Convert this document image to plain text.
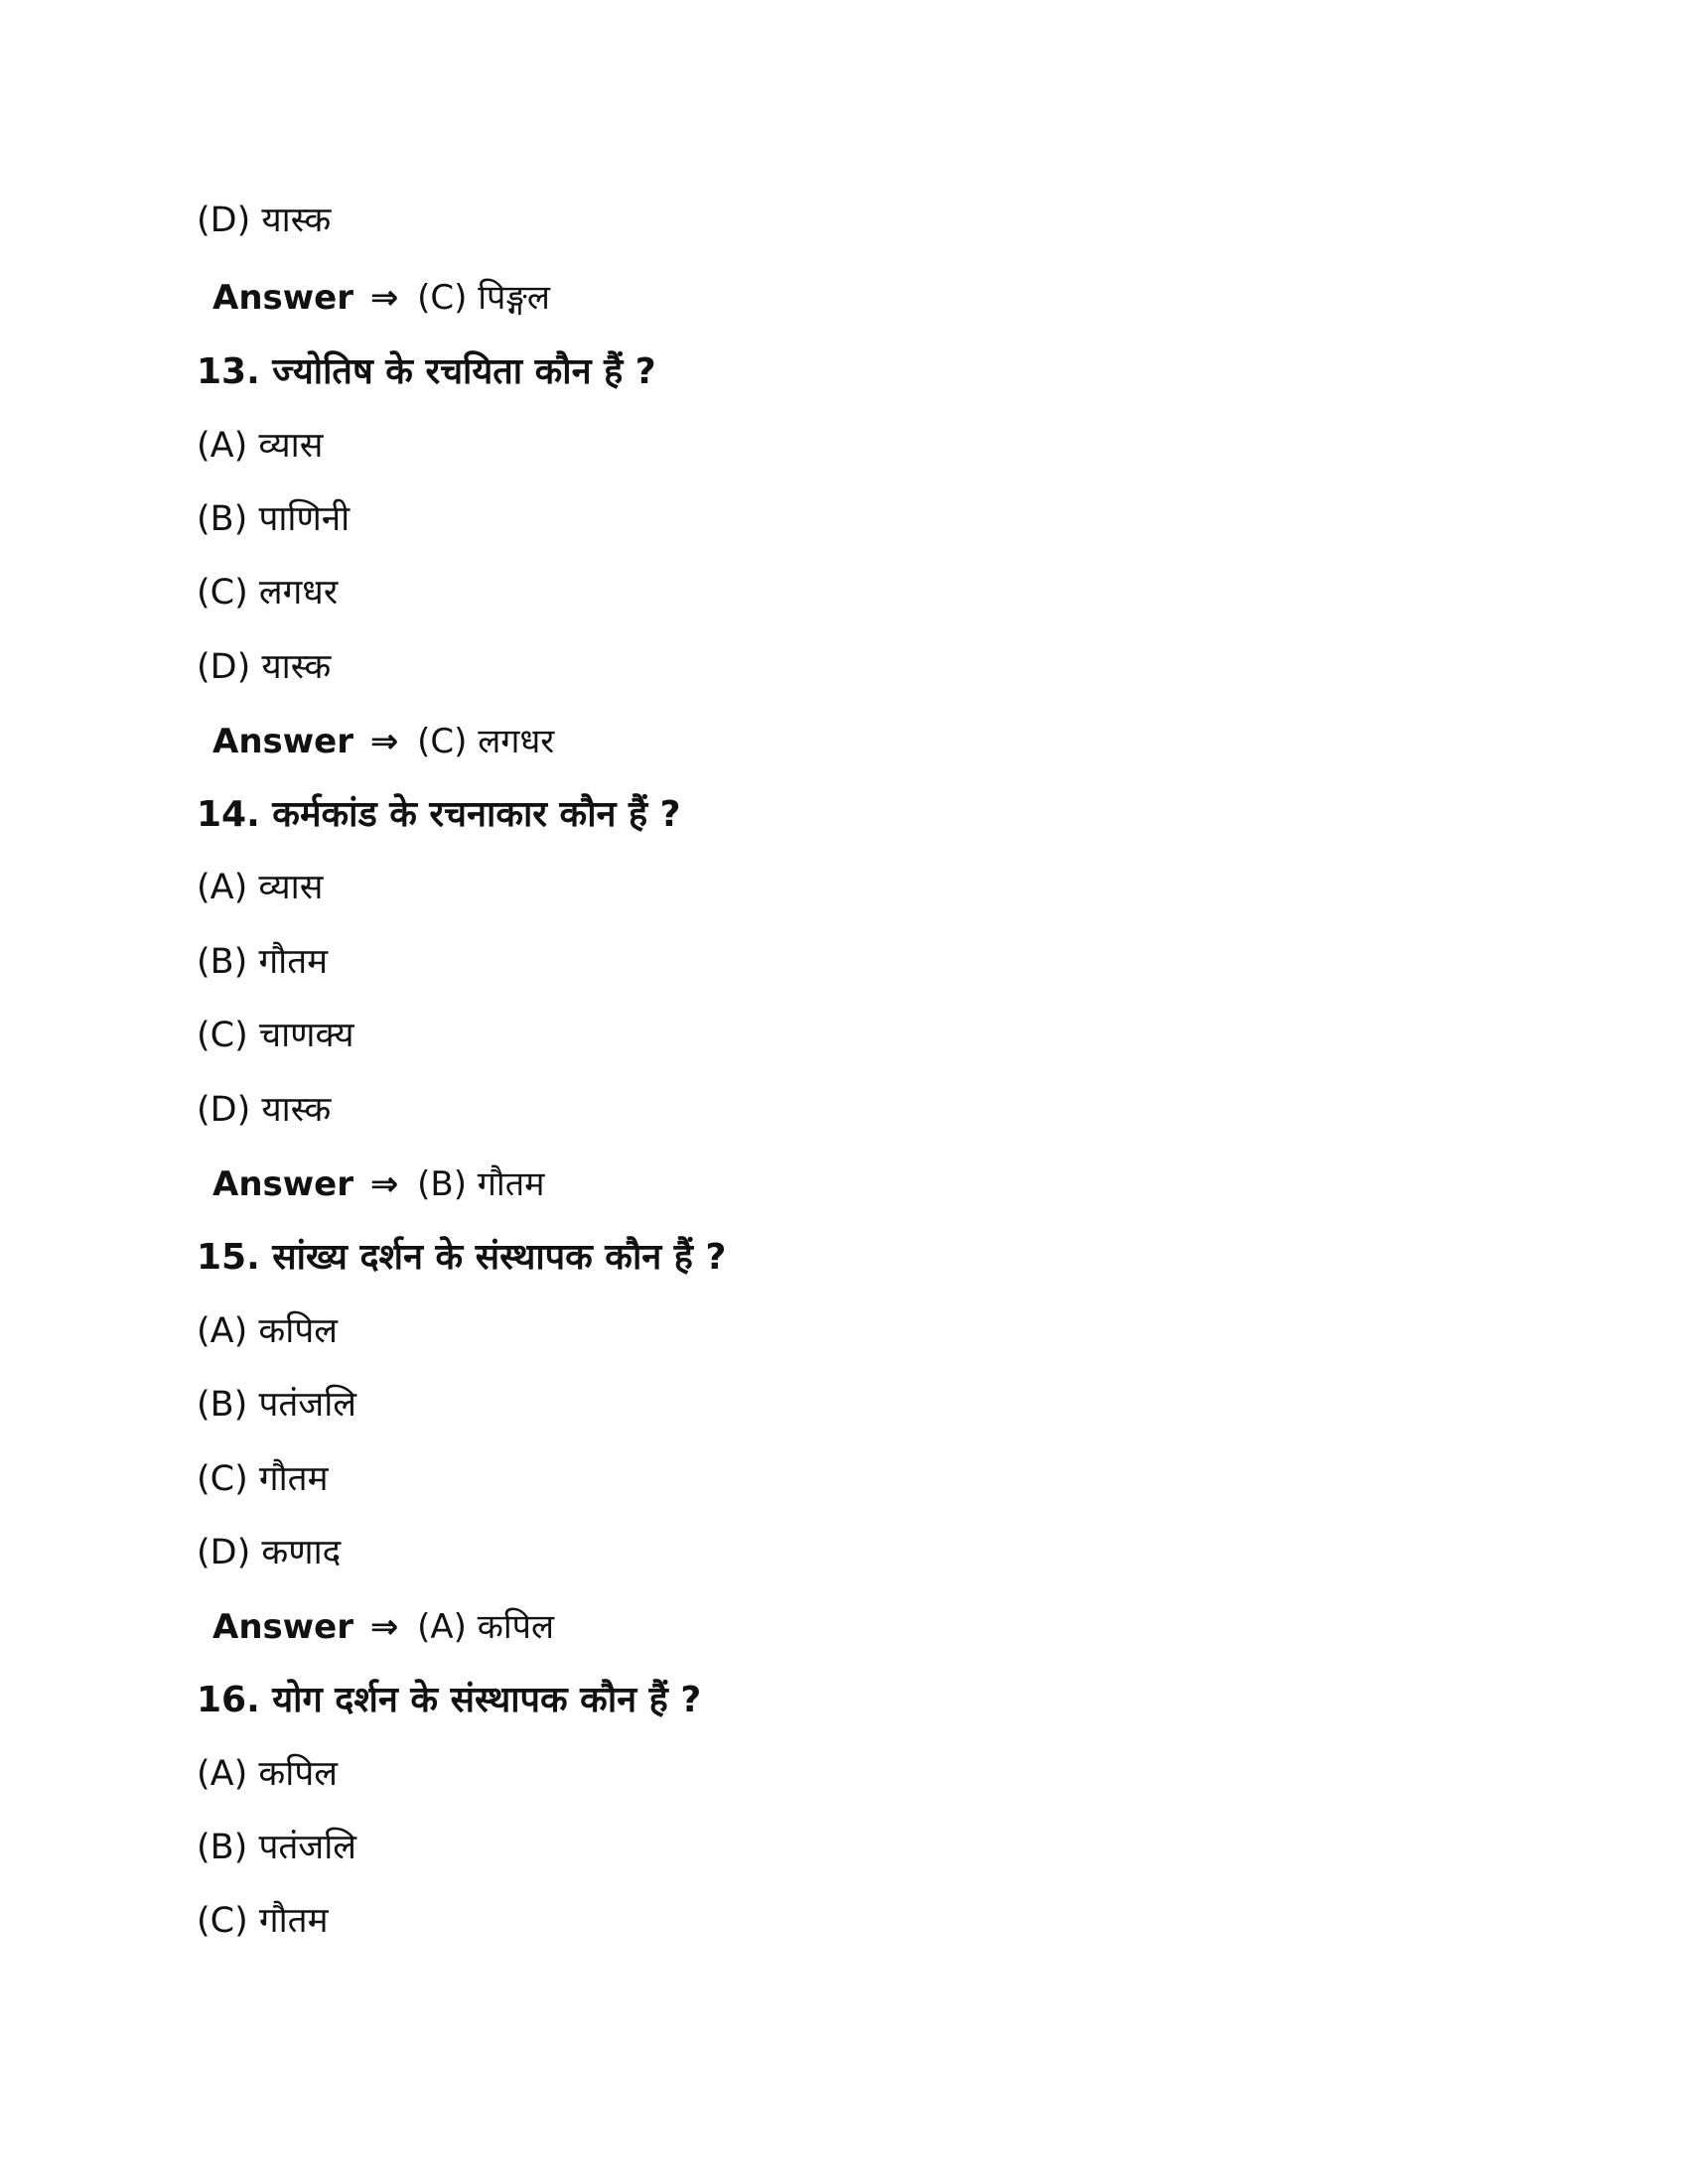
(D) यास्क
Answer ⇒ (C) पिङ्गल
13. ज्योतिष के रचयिता कौन हैं ?
(A) व्यास
(B) पाणिनी
(C) लगधर
(D) यास्क
Answer ⇒ (C) लगधर
14. कर्मकांड के रचनाकार कौन हैं ?
(A) व्यास
(B) गौतम
(C) चाणक्य
(D) यास्क
Answer ⇒ (B) गौतम
15. सांख्य दर्शन के संस्थापक कौन हैं ?
(A) कपिल
(B) पतंजलि
(C) गौतम
(D) कणाद
Answer ⇒ (A) कपिल
16. योग दर्शन के संस्थापक कौन हैं ?
(A) कपिल
(B) पतंजलि
(C) गौतम
